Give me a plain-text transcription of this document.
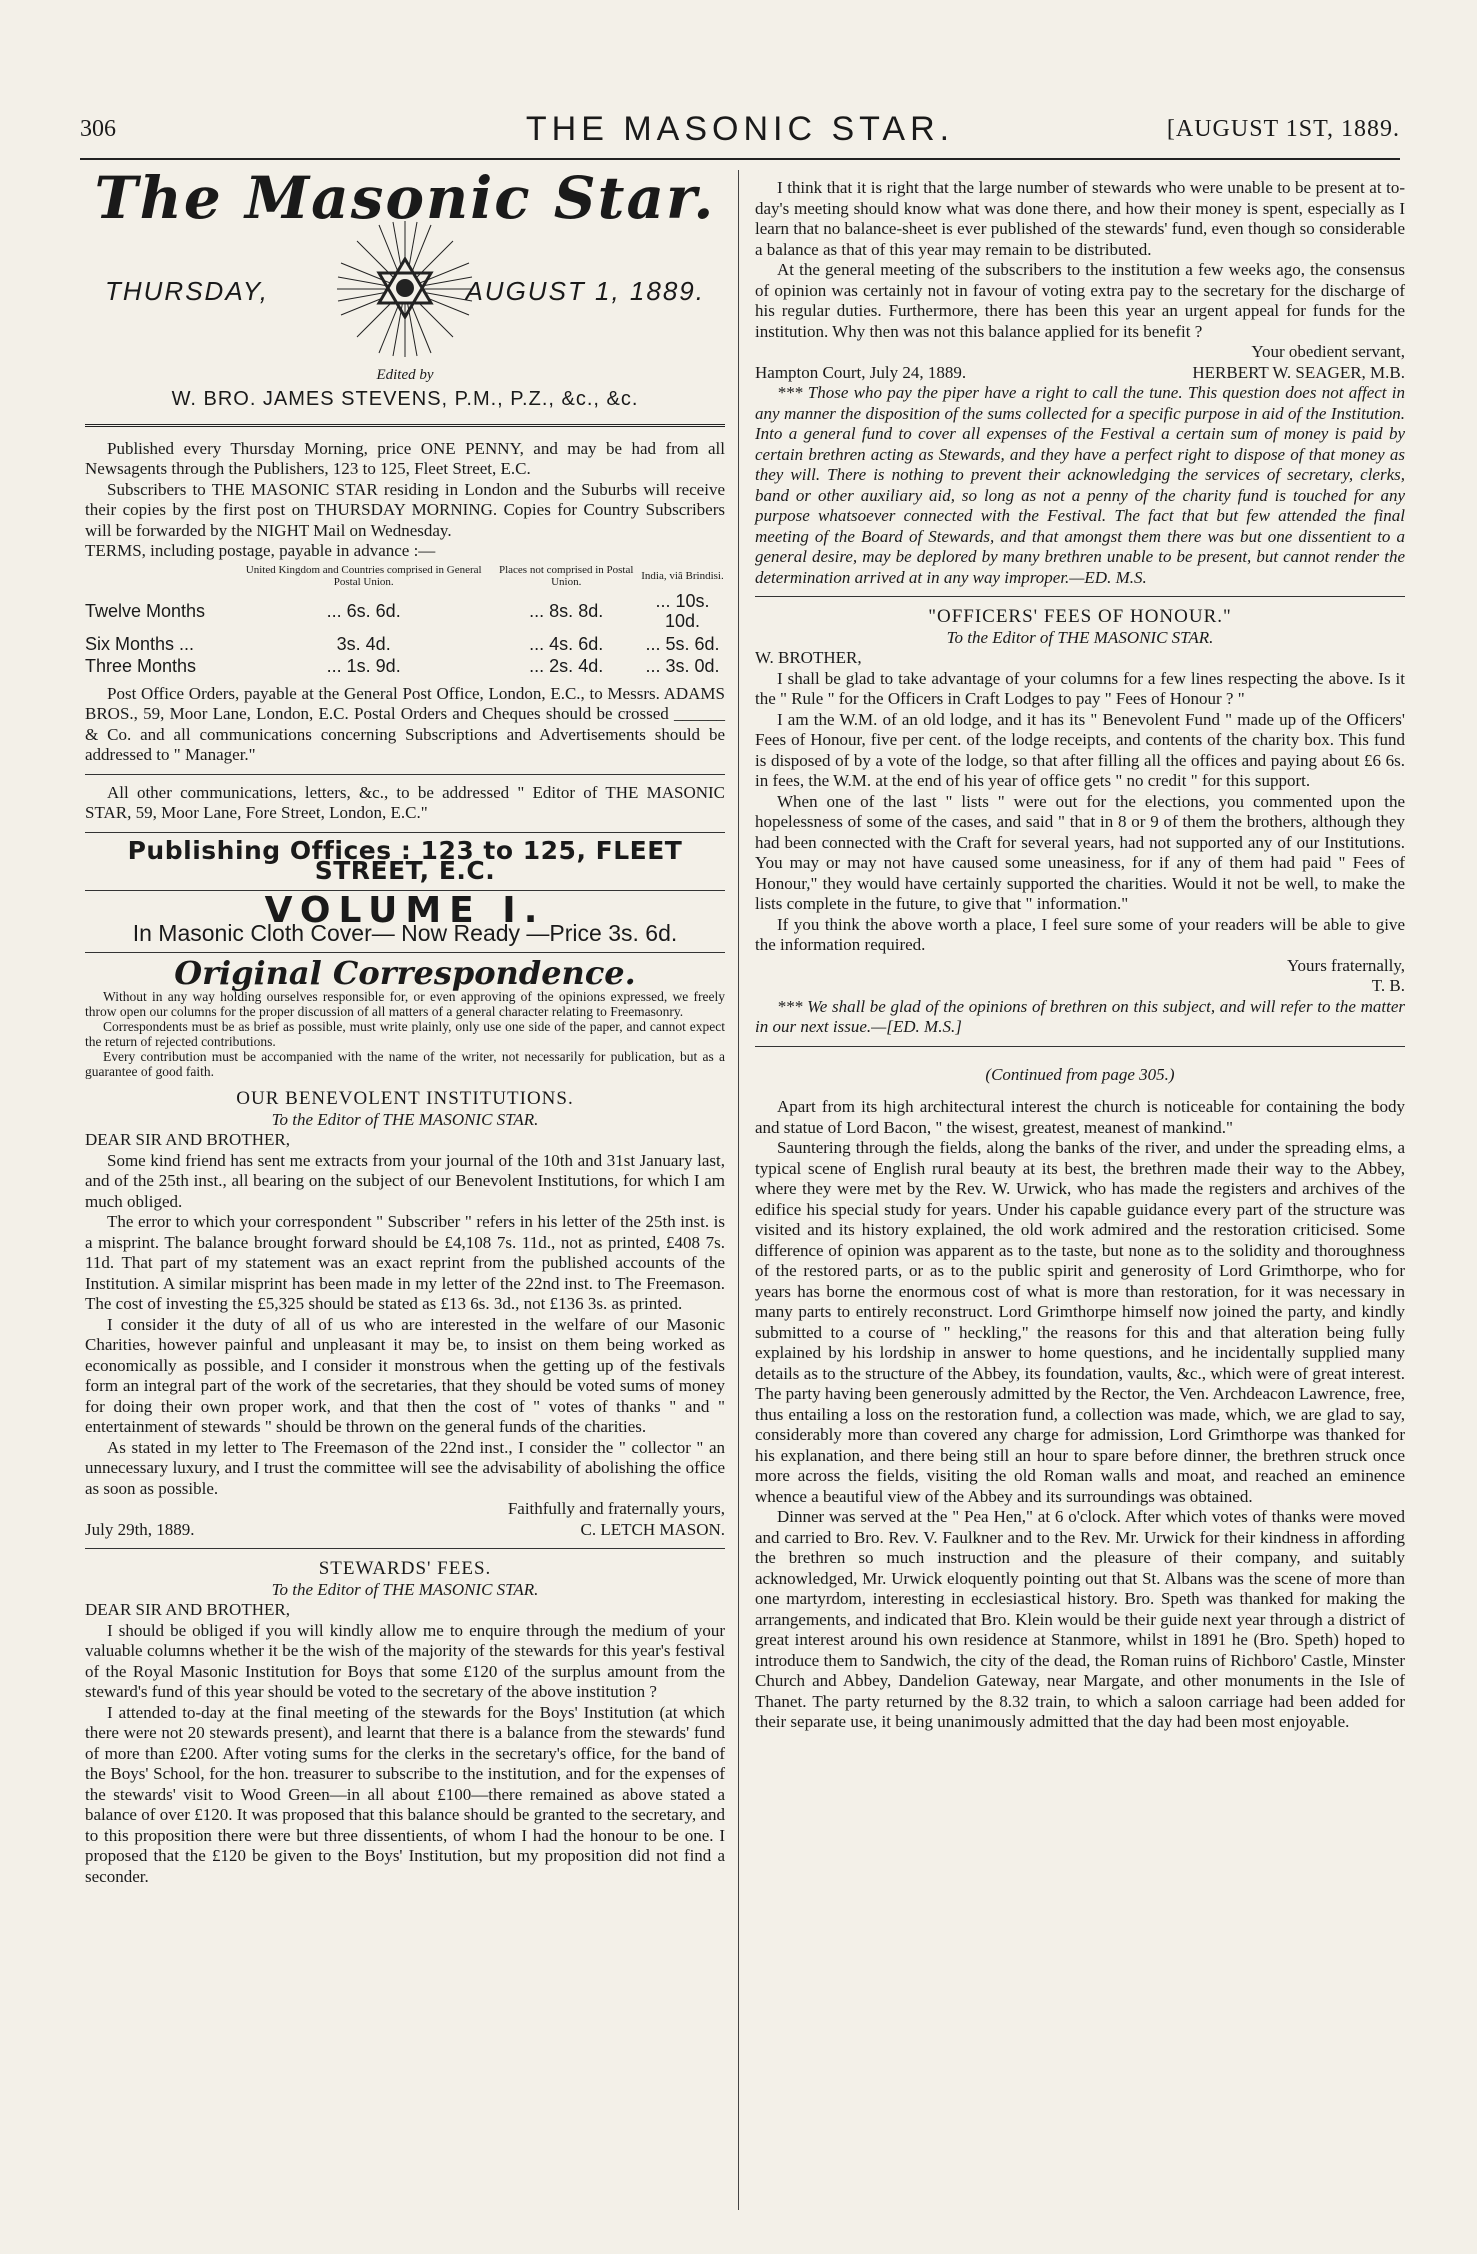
306	THE MASONIC STAR.	[AUGUST 1ST, 1889.
The Masonic Star.
THURSDAY,	AUGUST 1, 1889.
Edited by
W. BRO. JAMES STEVENS, P.M., P.Z., &c., &c.

Published every Thursday Morning, price ONE PENNY, and may be had from all Newsagents through the Publishers, 123 to 125, Fleet Street, E.C.

Subscribers to THE MASONIC STAR residing in London and the Suburbs will receive their copies by the first post on THURSDAY MORNING. Copies for Country Subscribers will be forwarded by the NIGHT Mail on Wednesday.

TERMS, including postage, payable in advance :—

	United Kingdom and Countries comprised in General Postal Union.	Places not comprised in Postal Union.	India, viâ Brindisi.
Twelve Months	... 6s. 6d.	... 8s. 8d.	... 10s. 10d.
Six Months ...	3s. 4d.	... 4s. 6d.	... 5s. 6d.
Three Months	... 1s. 9d.	... 2s. 4d.	... 3s. 0d.

Post Office Orders, payable at the General Post Office, London, E.C., to Messrs. ADAMS BROS., 59, Moor Lane, London, E.C. Postal Orders and Cheques should be crossed ______ & Co. and all communications concerning Subscriptions and Advertisements should be addressed to " Manager."

All other communications, letters, &c., to be addressed " Editor of THE MASONIC STAR, 59, Moor Lane, Fore Street, London, E.C."

Publishing Offices : 123 to 125, FLEET STREET, E.C.
VOLUME I.
In Masonic Cloth Cover— Now Ready —Price 3s. 6d.
Original Correspondence.

Without in any way holding ourselves responsible for, or even approving of the opinions expressed, we freely throw open our columns for the proper discussion of all matters of a general character relating to Freemasonry.

Correspondents must be as brief as possible, must write plainly, only use one side of the paper, and cannot expect the return of rejected contributions.

Every contribution must be accompanied with the name of the writer, not necessarily for publication, but as a guarantee of good faith.

OUR BENEVOLENT INSTITUTIONS.
To the Editor of THE MASONIC STAR.

DEAR SIR AND BROTHER,

Some kind friend has sent me extracts from your journal of the 10th and 31st January last, and of the 25th inst., all bearing on the subject of our Benevolent Institutions, for which I am much obliged.

The error to which your correspondent " Subscriber " refers in his letter of the 25th inst. is a misprint. The balance brought forward should be £4,108 7s. 11d., not as printed, £408 7s. 11d. That part of my statement was an exact reprint from the published accounts of the Institution. A similar misprint has been made in my letter of the 22nd inst. to The Freemason. The cost of investing the £5,325 should be stated as £13 6s. 3d., not £136 3s. as printed.

I consider it the duty of all of us who are interested in the welfare of our Masonic Charities, however painful and unpleasant it may be, to insist on them being worked as economically as possible, and I consider it monstrous when the getting up of the festivals form an integral part of the work of the secretaries, that they should be voted sums of money for doing their own proper work, and that then the cost of " votes of thanks " and " entertainment of stewards " should be thrown on the general funds of the charities.

As stated in my letter to The Freemason of the 22nd inst., I consider the " collector " an unnecessary luxury, and I trust the committee will see the advisability of abolishing the office as soon as possible.

Faithfully and fraternally yours,
July 29th, 1889.	C. LETCH MASON.
STEWARDS' FEES.
To the Editor of THE MASONIC STAR.

DEAR SIR AND BROTHER,

I should be obliged if you will kindly allow me to enquire through the medium of your valuable columns whether it be the wish of the majority of the stewards for this year's festival of the Royal Masonic Institution for Boys that some £120 of the surplus amount from the steward's fund of this year should be voted to the secretary of the above institution ?

I attended to-day at the final meeting of the stewards for the Boys' Institution (at which there were not 20 stewards present), and learnt that there is a balance from the stewards' fund of more than £200. After voting sums for the clerks in the secretary's office, for the band of the Boys' School, for the hon. treasurer to subscribe to the institution, and for the expenses of the stewards' visit to Wood Green—in all about £100—there remained as above stated a balance of over £120. It was proposed that this balance should be granted to the secretary, and to this proposition there were but three dissentients, of whom I had the honour to be one. I proposed that the £120 be given to the Boys' Institution, but my proposition did not find a seconder.

I think that it is right that the large number of stewards who were unable to be present at to-day's meeting should know what was done there, and how their money is spent, especially as I learn that no balance-sheet is ever published of the stewards' fund, even though so considerable a balance as that of this year may remain to be distributed.

At the general meeting of the subscribers to the institution a few weeks ago, the consensus of opinion was certainly not in favour of voting extra pay to the secretary for the discharge of his regular duties. Furthermore, there has been this year an urgent appeal for funds for the institution. Why then was not this balance applied for its benefit ?

Your obedient servant,
Hampton Court, July 24, 1889.	HERBERT W. SEAGER, M.B.

*** Those who pay the piper have a right to call the tune. This question does not affect in any manner the disposition of the sums collected for a specific purpose in aid of the Institution. Into a general fund to cover all expenses of the Festival a certain sum of money is paid by certain brethren acting as Stewards, and they have a perfect right to dispose of that money as they will. There is nothing to prevent their acknowledging the services of secretary, clerks, band or other auxiliary aid, so long as not a penny of the charity fund is touched for any purpose whatsoever connected with the Festival. The fact that but few attended the final meeting of the Board of Stewards, and that amongst them there was but one dissentient to a general desire, may be deplored by many brethren unable to be present, but cannot render the determination arrived at in any way improper.—ED. M.S.

"OFFICERS' FEES OF HONOUR."
To the Editor of THE MASONIC STAR.

W. BROTHER,

I shall be glad to take advantage of your columns for a few lines respecting the above. Is it the " Rule " for the Officers in Craft Lodges to pay " Fees of Honour ? "

I am the W.M. of an old lodge, and it has its " Benevolent Fund " made up of the Officers' Fees of Honour, five per cent. of the lodge receipts, and contents of the charity box. This fund is disposed of by a vote of the lodge, so that after filling all the offices and paying about £6 6s. in fees, the W.M. at the end of his year of office gets " no credit " for this support.

When one of the last " lists " were out for the elections, you commented upon the hopelessness of some of the cases, and said " that in 8 or 9 of them the brothers, although they had been connected with the Craft for several years, had not supported any of our Institutions. You may or may not have caused some uneasiness, for if any of them had paid " Fees of Honour," they would have certainly supported the charities. Would it not be well, to make the lists complete in the future, to give that " information."

If you think the above worth a place, I feel sure some of your readers will be able to give the information required.

Yours fraternally,
T. B.

*** We shall be glad of the opinions of brethren on this subject, and will refer to the matter in our next issue.—[ED. M.S.]

(Continued from page 305.)

Apart from its high architectural interest the church is noticeable for containing the body and statue of Lord Bacon, " the wisest, greatest, meanest of mankind."

Sauntering through the fields, along the banks of the river, and under the spreading elms, a typical scene of English rural beauty at its best, the brethren made their way to the Abbey, where they were met by the Rev. W. Urwick, who has made the registers and archives of the edifice his special study for years. Under his capable guidance every part of the structure was visited and its history explained, the old work admired and the restoration criticised. Some difference of opinion was apparent as to the taste, but none as to the solidity and thoroughness of the restored parts, or as to the public spirit and generosity of Lord Grimthorpe, who for years has borne the enormous cost of what is more than restoration, for it was necessary in many parts to entirely reconstruct. Lord Grimthorpe himself now joined the party, and kindly submitted to a course of " heckling," the reasons for this and that alteration being fully explained by his lordship in answer to home questions, and he incidentally supplied many details as to the structure of the Abbey, its foundation, vaults, &c., which were of great interest. The party having been generously admitted by the Rector, the Ven. Archdeacon Lawrence, free, thus entailing a loss on the restoration fund, a collection was made, which, we are glad to say, considerably more than covered any charge for admission, Lord Grimthorpe was thanked for his explanation, and there being still an hour to spare before dinner, the brethren struck once more across the fields, visiting the old Roman walls and moat, and reached an eminence whence a beautiful view of the Abbey and its surroundings was obtained.

Dinner was served at the " Pea Hen," at 6 o'clock. After which votes of thanks were moved and carried to Bro. Rev. V. Faulkner and to the Rev. Mr. Urwick for their kindness in affording the brethren so much instruction and the pleasure of their company, and suitably acknowledged, Mr. Urwick eloquently pointing out that St. Albans was the scene of more than one martyrdom, interesting in ecclesiastical history. Bro. Speth was thanked for making the arrangements, and indicated that Bro. Klein would be their guide next year through a district of great interest around his own residence at Stanmore, whilst in 1891 he (Bro. Speth) hoped to introduce them to Sandwich, the city of the dead, the Roman ruins of Richboro' Castle, Minster Church and Abbey, Dandelion Gateway, near Margate, and other monuments in the Isle of Thanet. The party returned by the 8.32 train, to which a saloon carriage had been added for their separate use, it being unanimously admitted that the day had been most enjoyable.
